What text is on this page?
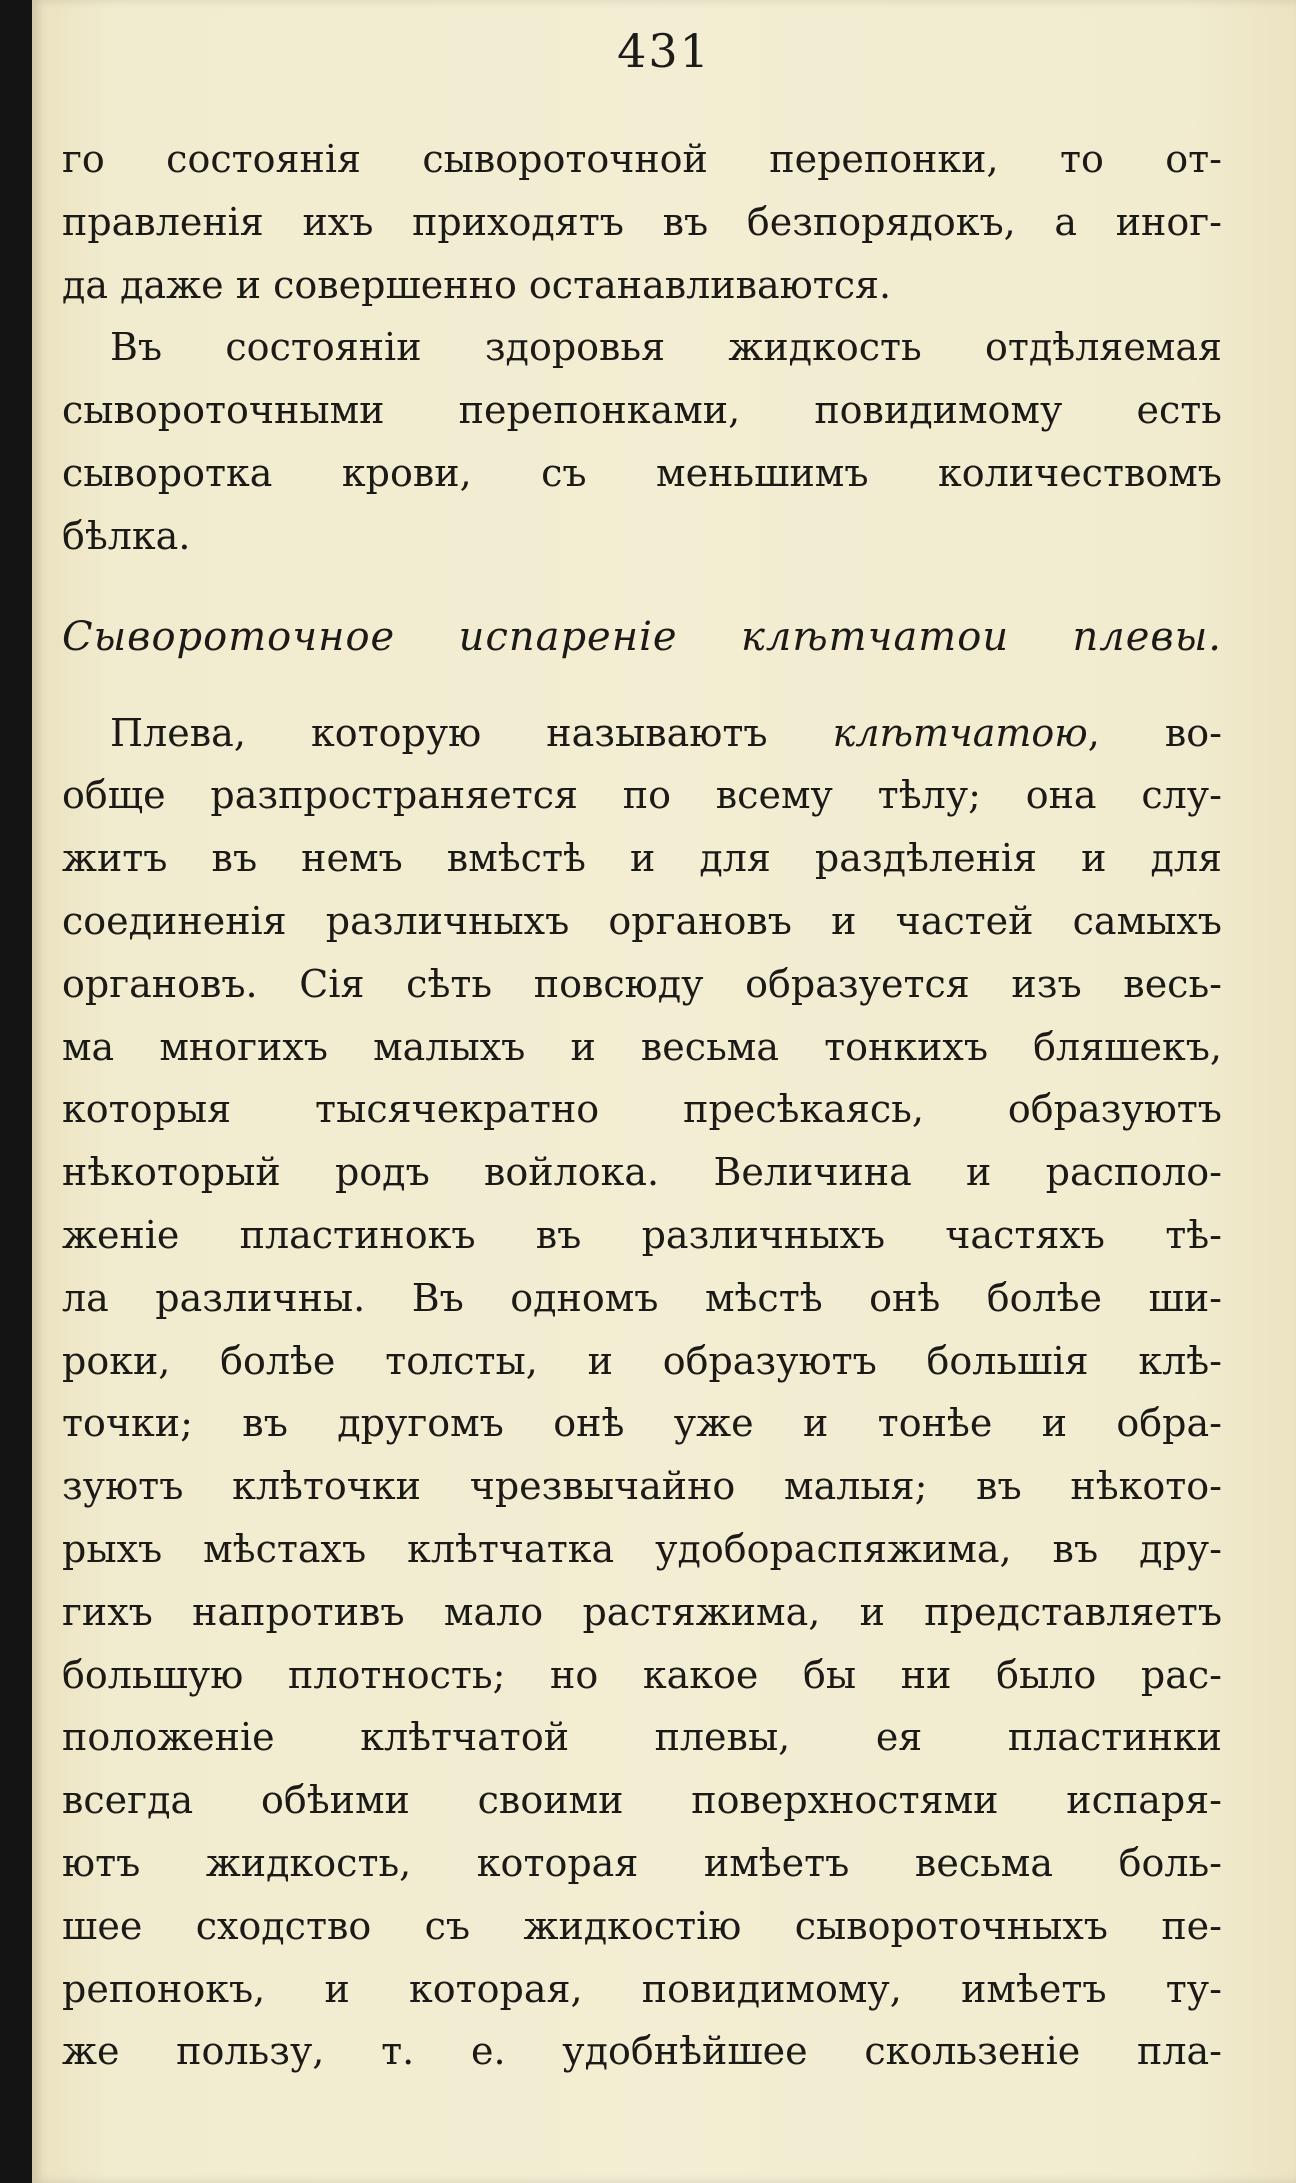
431
го состоянія сывороточной перепонки, то от-
правленія ихъ приходятъ въ безпорядокъ, а иног-
да даже и совершенно останавливаются.
Въ состояніи здоровья жидкость отдѣляемая
сывороточными перепонками, повидимому есть
сыворотка крови, съ меньшимъ количествомъ
бѣлка.
Сывороточное испареніе клѣтчатои плевы.
Плева, которую называютъ клѣтчатою, во-
обще разпространяется по всему тѣлу; она слу-
житъ въ немъ вмѣстѣ и для раздѣленія и для
соединенія различныхъ органовъ и частей самыхъ
органовъ. Сія сѣть повсюду образуется изъ весь-
ма многихъ малыхъ и весьма тонкихъ бляшекъ,
которыя тысячекратно пресѣкаясь, образуютъ
нѣкоторый родъ войлока. Величина и располо-
женіе пластинокъ въ различныхъ частяхъ тѣ-
ла различны. Въ одномъ мѣстѣ онѣ болѣе ши-
роки, болѣе толсты, и образуютъ большія клѣ-
точки; въ другомъ онѣ уже и тонѣе и обра-
зуютъ клѣточки чрезвычайно малыя; въ нѣкото-
рыхъ мѣстахъ клѣтчатка удобораспяжима, въ дру-
гихъ напротивъ мало растяжима, и представляетъ
большую плотность; но какое бы ни было рас-
положеніе клѣтчатой плевы, ея пластинки
всегда обѣими своими поверхностями испаря-
ютъ жидкость, которая имѣетъ весьма боль-
шее сходство съ жидкостію сывороточныхъ пе-
репонокъ, и которая, повидимому, имѣетъ ту-
же пользу, т. е. удобнѣйшее скользеніе пла-
